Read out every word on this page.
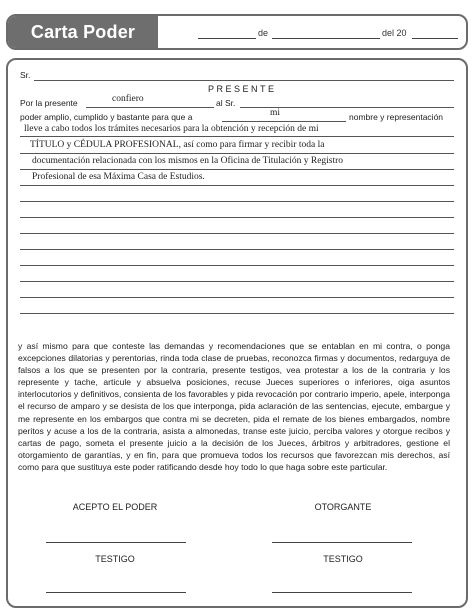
Carta Poder	de	del 20
Sr.
PRESENTE
Por la presente	confiero	al Sr.
poder amplio, cumplido y bastante para que a	mi	nombre y representación
lleve a cabo todos los trámites necesarios para la obtención y recepción de mi
TÍTULO y CÉDULA PROFESIONAL, así como para firmar y recibir toda la
documentación relacionada con los mismos en la Oficina de Titulación y Registro
Profesional de esa Máxima Casa de Estudios.
y así mismo para que conteste las demandas y recomendaciones que se entablan en mi contra, o ponga excepciones dilatorias y perentorias, rinda toda clase de pruebas, reconozca firmas y documentos, redarguya de falsos a los que se presenten por la contraria, presente testigos, vea protestar a los de la contraria y los represente y tache, articule y absuelva posiciones, recuse Jueces superiores o inferiores, oiga asuntos interlocutorios y definitivos, consienta de los favorables y pida revocación por contrario imperio, apele, interponga el recurso de amparo y se desista de los que interponga, pida aclaración de las sentencias, ejecute, embargue y me represente en los embargos que contra mi se decreten, pida el remate de los bienes embargados, nombre peritos y acuse a los de la contraria, asista a almonedas, transe este juicio, perciba valores y otorgue recibos y cartas de pago, someta el presente juicio a la decisión de los Jueces, árbitros y arbitradores, gestione el otorgamiento de garantías, y en fin, para que promueva todos los recursos que favorezcan mis derechos, así como para que sustituya este poder ratificando desde hoy todo lo que haga sobre este particular.
ACEPTO EL PODER	OTORGANTE
TESTIGO	TESTIGO
